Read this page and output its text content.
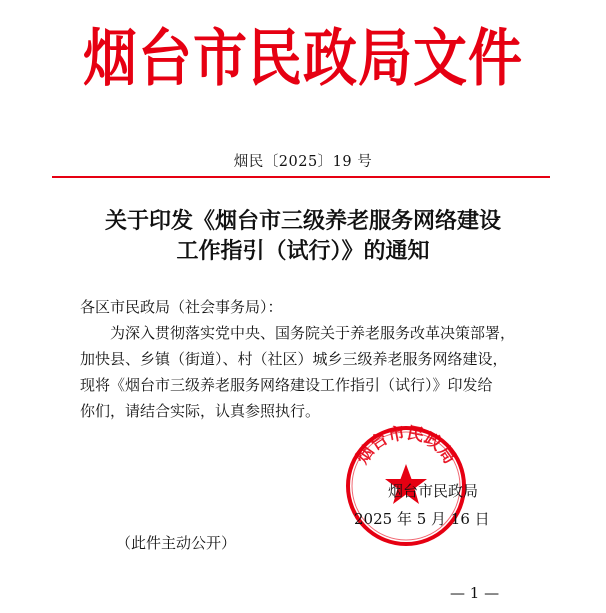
烟台市民政局文件
烟民〔2025〕19 号
关于印发《烟台市三级养老服务网络建设
工作指引（试行）》的通知

各区市民政局（社会事务局）：

为深入贯彻落实党中央、国务院关于养老服务改革决策部署，

加快县、乡镇（街道）、村（社区）城乡三级养老服务网络建设，

现将《烟台市三级养老服务网络建设工作指引（试行）》印发给

你们，请结合实际，认真参照执行。

烟台市民政局
烟台市民政局
2025 年 5 月 16 日
（此件主动公开）
— 1 —
